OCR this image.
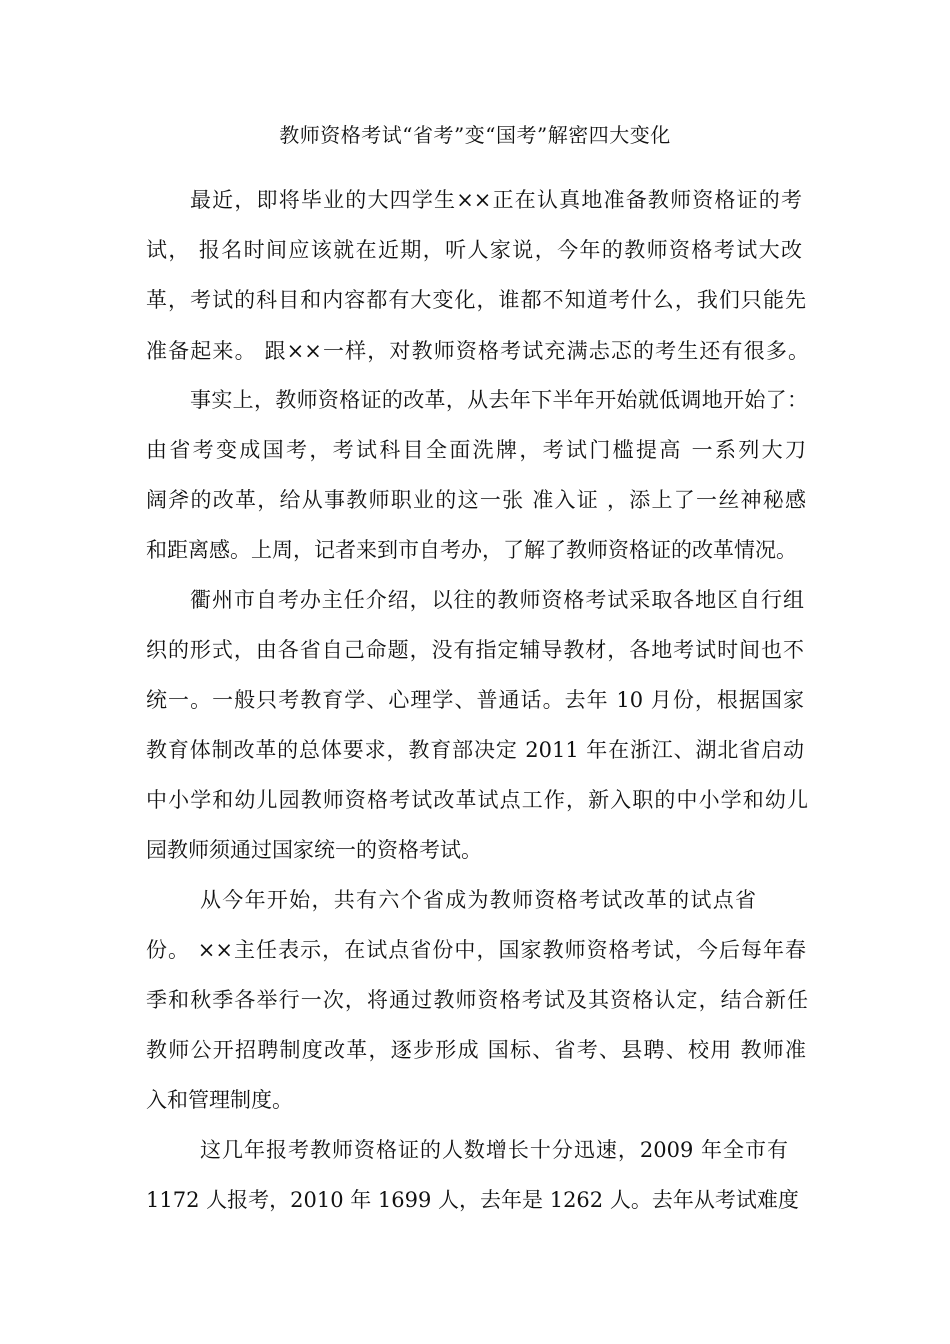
教师资格考试“省考”变“国考”解密四大变化
最近，即将毕业的大四学生××正在认真地准备教师资格证的考
试， 报名时间应该就在近期，听人家说，今年的教师资格考试大改
革，考试的科目和内容都有大变化，谁都不知道考什么，我们只能先
准备起来。 跟××一样，对教师资格考试充满忐忑的考生还有很多。
事实上，教师资格证的改革，从去年下半年开始就低调地开始了：
由省考变成国考，考试科目全面洗牌，考试门槛提高 一系列大刀
阔斧的改革，给从事教师职业的这一张 准入证 ，添上了一丝神秘感
和距离感。上周，记者来到市自考办，了解了教师资格证的改革情况。
衢州市自考办主任介绍，以往的教师资格考试采取各地区自行组
织的形式，由各省自己命题，没有指定辅导教材，各地考试时间也不
统一。一般只考教育学、心理学、普通话。去年 10 月份，根据国家
教育体制改革的总体要求，教育部决定 2011 年在浙江、湖北省启动
中小学和幼儿园教师资格考试改革试点工作，新入职的中小学和幼儿
园教师须通过国家统一的资格考试。
从今年开始，共有六个省成为教师资格考试改革的试点省
份。 ××主任表示，在试点省份中，国家教师资格考试，今后每年春
季和秋季各举行一次，将通过教师资格考试及其资格认定，结合新任
教师公开招聘制度改革，逐步形成 国标、省考、县聘、校用 教师准
入和管理制度。
这几年报考教师资格证的人数增长十分迅速，2009 年全市有
1172 人报考，2010 年 1699 人，去年是 1262 人。去年从考试难度
